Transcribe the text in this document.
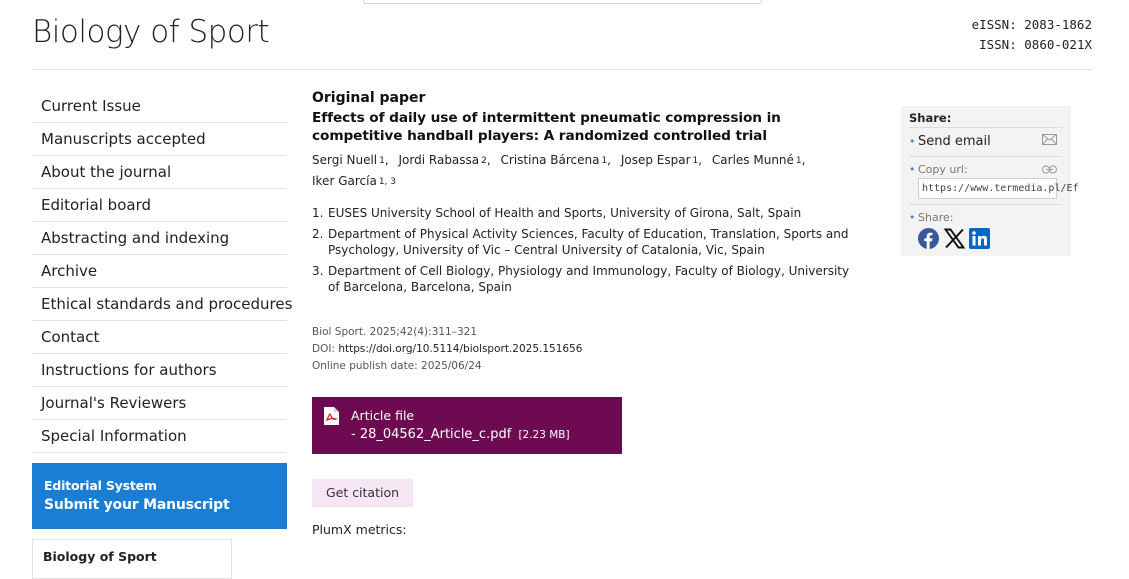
Biology of Sport	eISSN: 2083-1862
ISSN: 0860-021X
Current Issue
Manuscripts accepted
About the journal
Editorial board
Abstracting and indexing
Archive
Ethical standards and procedures
Contact
Instructions for authors
Journal's Reviewers
Special Information
Editorial System
Submit your Manuscript
Biology of Sport
Original paper
Effects of daily use of intermittent pneumatic compression in competitive handball players: A randomized controlled trial
Sergi Nuell $^1$, Jordi Rabassa $^2$, Cristina Bárcena $^1$, Josep Espar $^1$, Carles Munné $^1$, Iker García $^{1, 3}$
1. EUSES University School of Health and Sports, University of Girona, Salt, Spain
2. Department of Physical Activity Sciences, Faculty of Education, Translation, Sports and Psychology, University of Vic – Central University of Catalonia, Vic, Spain
3. Department of Cell Biology, Physiology and Immunology, Faculty of Biology, University of Barcelona, Barcelona, Spain
Biol Sport. 2025;42(4):311–321
DOI: https://doi.org/10.5114/biolsport.2025.151656
Online publish date: 2025/06/24
Article file
- 28_04562_Article_c.pdf [2.23 MB]
Get citation
PlumX metrics:
Share:
• Send email
• Copy url:
https://www.termedia.pl/Ef
• Share:
